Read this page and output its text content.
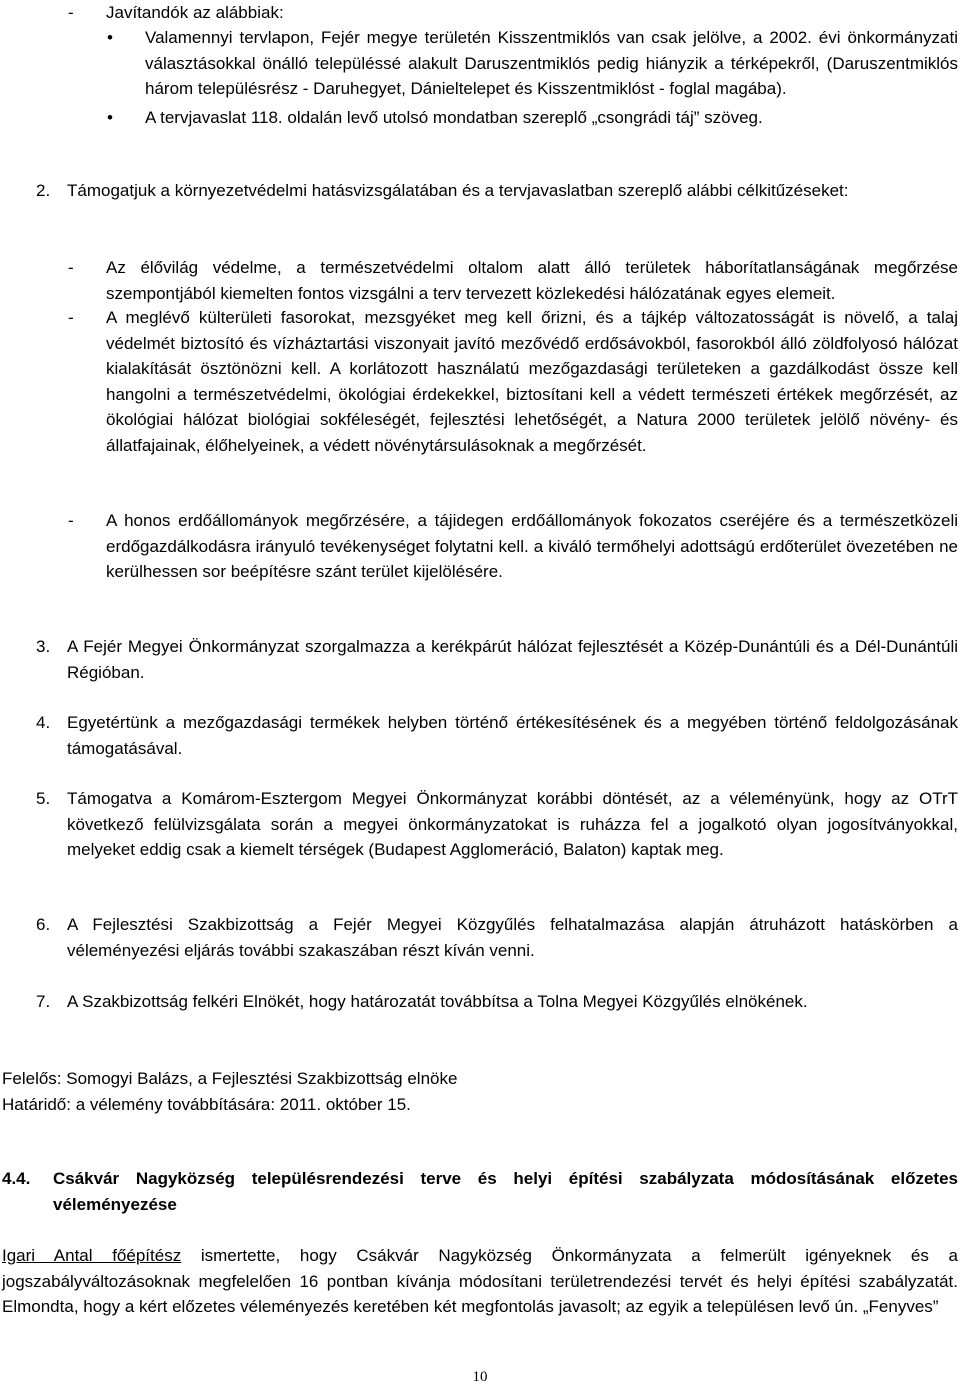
- Javítandók az alábbiak:
• Valamennyi tervlapon, Fejér megye területén Kisszentmiklós van csak jelölve, a 2002. évi önkormányzati választásokkal önálló településsé alakult Daruszentmiklós pedig hiányzik a térképekről, (Daruszentmiklós három településrész - Daruhegyet, Dánieltelepet és Kisszentmiklóst - foglal magába).
• A tervjavaslat 118. oldalán levő utolsó mondatban szereplő „csongrádi táj” szöveg.
2. Támogatjuk a környezetvédelmi hatásvizsgálatában és a tervjavaslatban szereplő alábbi célkitűzéseket:
- Az élővilág védelme, a természetvédelmi oltalom alatt álló területek háborítatlanságának megőrzése szempontjából kiemelten fontos vizsgálni a terv tervezett közlekedési hálózatának egyes elemeit.
- A meglévő külterületi fasorokat, mezsgyéket meg kell őrizni, és a tájkép változatosságát is növelő, a talaj védelmét biztosító és vízháztartási viszonyait javító mezővédő erdősávokból, fasorokból álló zöldfolyosó hálózat kialakítását ösztönözni kell. A korlátozott használatú mezőgazdasági területeken a gazdálkodást össze kell hangolni a természetvédelmi, ökológiai érdekekkel, biztosítani kell a védett természeti értékek megőrzését, az ökológiai hálózat biológiai sokféleségét, fejlesztési lehetőségét, a Natura 2000 területek jelölő növény- és állatfajainak, élőhelyeinek, a védett növénytársulásoknak a megőrzését.
- A honos erdőállományok megőrzésére, a tájidegen erdőállományok fokozatos cseréjére és a természetközeli erdőgazdálkodásra irányuló tevékenységet folytatni kell. a kiváló termőhelyi adottságú erdőterület övezetében ne kerülhessen sor beépítésre szánt terület kijelölésére.
3. A Fejér Megyei Önkormányzat szorgalmazza a kerékpárút hálózat fejlesztését a Közép-Dunántúli és a Dél-Dunántúli Régióban.
4. Egyetértünk a mezőgazdasági termékek helyben történő értékesítésének és a megyében történő feldolgozásának támogatásával.
5. Támogatva a Komárom-Esztergom Megyei Önkormányzat korábbi döntését, az a véleményünk, hogy az OTrT következő felülvizsgálata során a megyei önkormányzatokat is ruházza fel a jogalkotó olyan jogosítványokkal, melyeket eddig csak a kiemelt térségek (Budapest Agglomeráció, Balaton) kaptak meg.
6. A Fejlesztési Szakbizottság a Fejér Megyei Közgyűlés felhatalmazása alapján átruházott hatáskörben a véleményezési eljárás további szakaszában részt kíván venni.
7. A Szakbizottság felkéri Elnökét, hogy határozatát továbbítsa a Tolna Megyei Közgyűlés elnökének.
Felelős: Somogyi Balázs, a Fejlesztési Szakbizottság elnöke
Határidő: a vélemény továbbítására: 2011. október 15.
4.4. Csákvár Nagyközség településrendezési terve és helyi építési szabályzata módosításának előzetes véleményezése
Igari Antal főépítész ismertette, hogy Csákvár Nagyközség Önkormányzata a felmerült igényeknek és a jogszabályváltozásoknak megfelelően 16 pontban kívánja módosítani területrendezési tervét és helyi építési szabályzatát. Elmondta, hogy a kért előzetes véleményezés keretében két megfontolás javasolt; az egyik a településen levő ún. „Fenyves”
10
